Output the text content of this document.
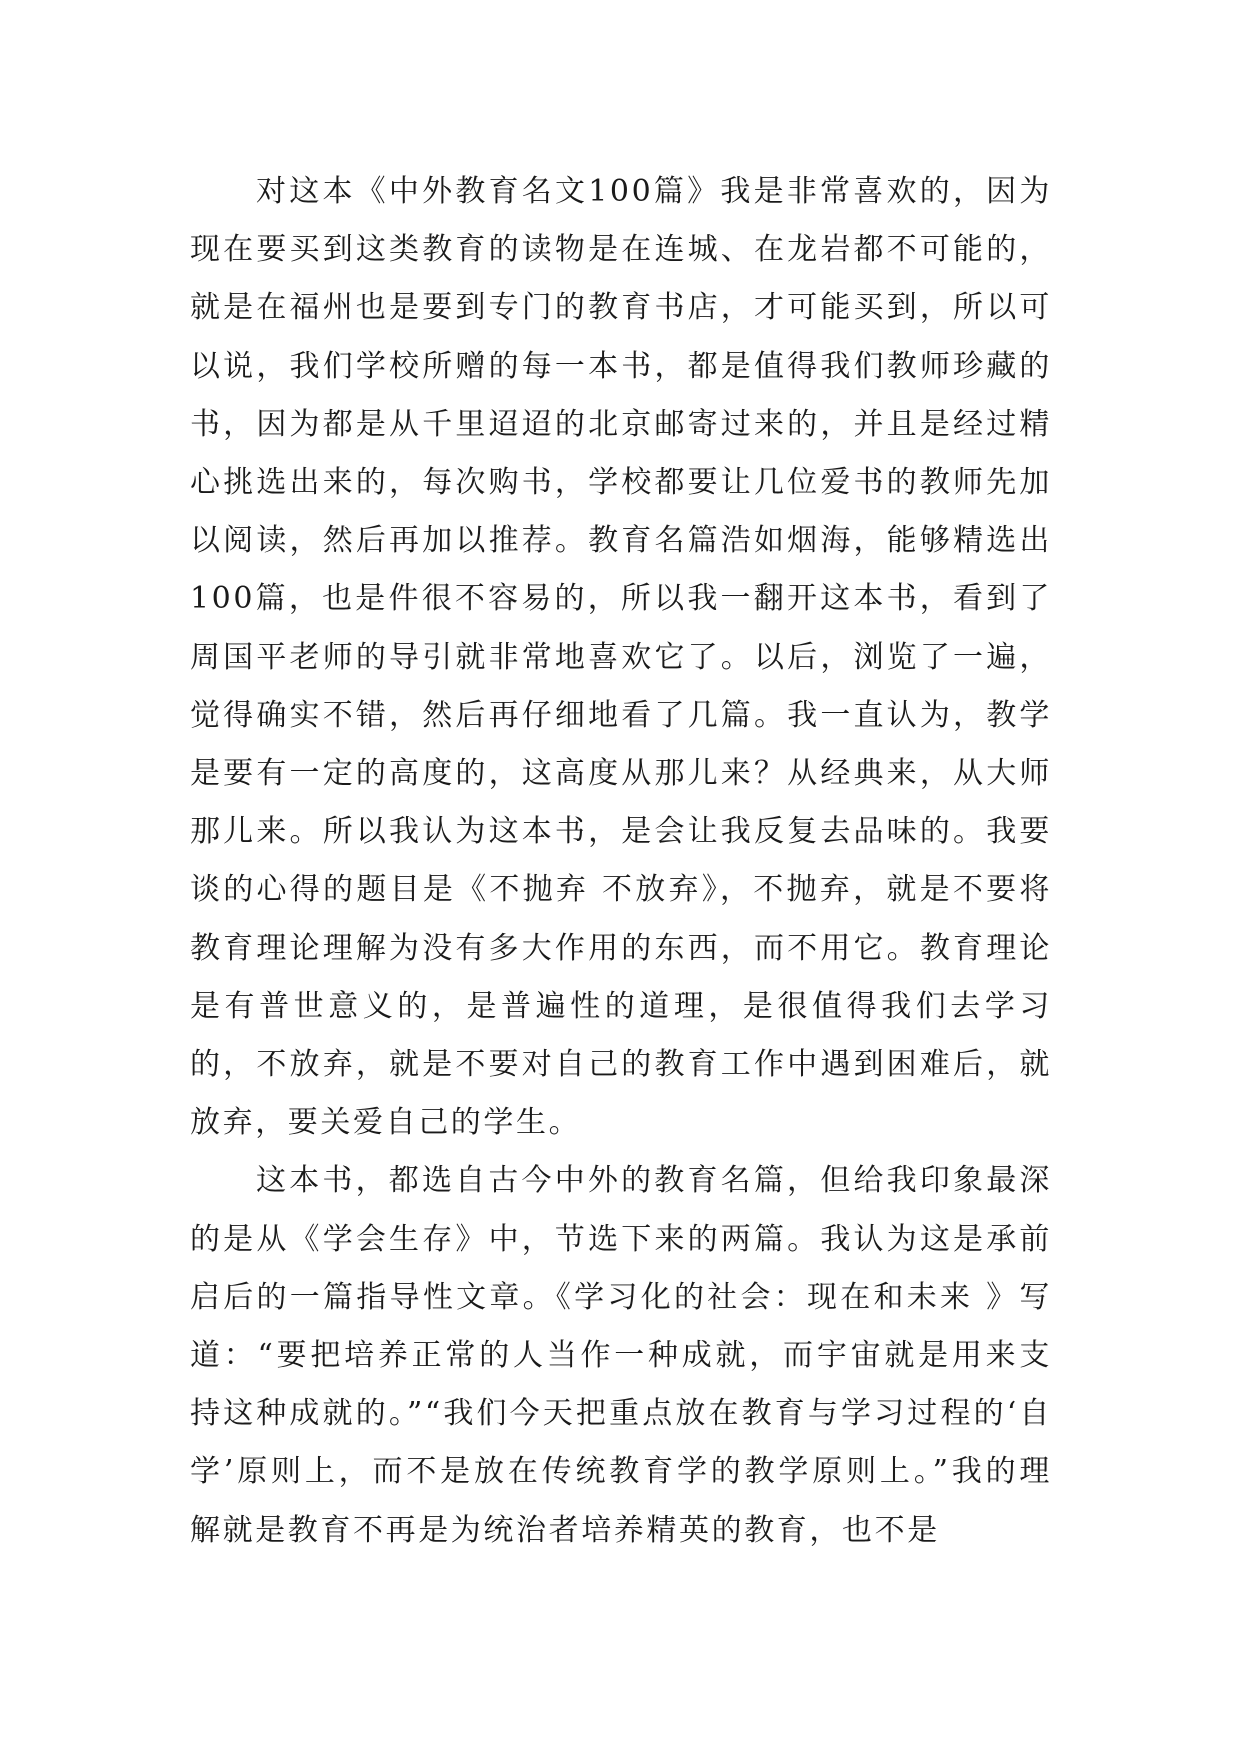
对这本《中外教育名文100篇》我是非常喜欢的，因为现在要买到这类教育的读物是在连城、在龙岩都不可能的，就是在福州也是要到专门的教育书店，才可能买到，所以可以说，我们学校所赠的每一本书，都是值得我们教师珍藏的书，因为都是从千里迢迢的北京邮寄过来的，并且是经过精心挑选出来的，每次购书，学校都要让几位爱书的教师先加以阅读，然后再加以推荐。教育名篇浩如烟海，能够精选出100篇，也是件很不容易的，所以我一翻开这本书，看到了周国平老师的导引就非常地喜欢它了。以后，浏览了一遍，觉得确实不错，然后再仔细地看了几篇。我一直认为，教学是要有一定的高度的，这高度从那儿来？从经典来，从大师那儿来。所以我认为这本书，是会让我反复去品味的。我要谈的心得的题目是《不抛弃 不放弃》，不抛弃，就是不要将教育理论理解为没有多大作用的东西，而不用它。教育理论是有普世意义的，是普遍性的道理，是很值得我们去学习的，不放弃，就是不要对自己的教育工作中遇到困难后，就放弃，要关爱自己的学生。

这本书，都选自古今中外的教育名篇，但给我印象最深的是从《学会生存》中，节选下来的两篇。我认为这是承前启后的一篇指导性文章。《学习化的社会：现在和未来 》写道：“要把培养正常的人当作一种成就，而宇宙就是用来支持这种成就的。”“我们今天把重点放在教育与学习过程的‘自学’原则上，而不是放在传统教育学的教学原则上。”我的理解就是教育不再是为统治者培养精英的教育，也不是
